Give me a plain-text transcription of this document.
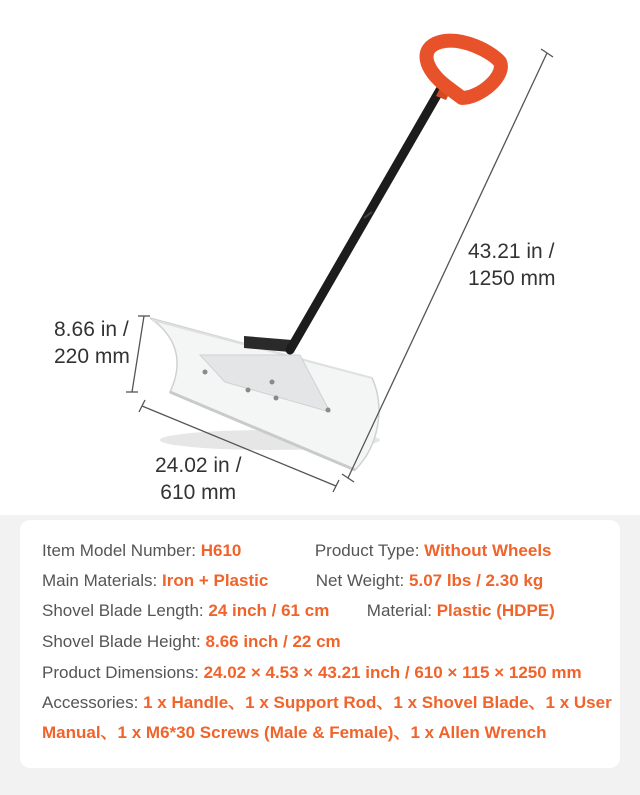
43.21 in /
1250 mm
8.66 in /
220 mm
24.02 in /
610 mm
Item Model Number: H610	Product Type: Without Wheels
Main Materials: Iron + Plastic	Net Weight: 5.07 lbs / 2.30 kg
Shovel Blade Length: 24 inch / 61 cm Material: Plastic (HDPE)
Shovel Blade Height: 8.66 inch / 22 cm
Product Dimensions: 24.02 × 4.53 × 43.21 inch / 610 × 115 × 1250 mm
Accessories: 1 x Handle、1 x Support Rod、1 x Shovel Blade、1 x User
Manual、1 x M6*30 Screws (Male & Female)、1 x Allen Wrench
